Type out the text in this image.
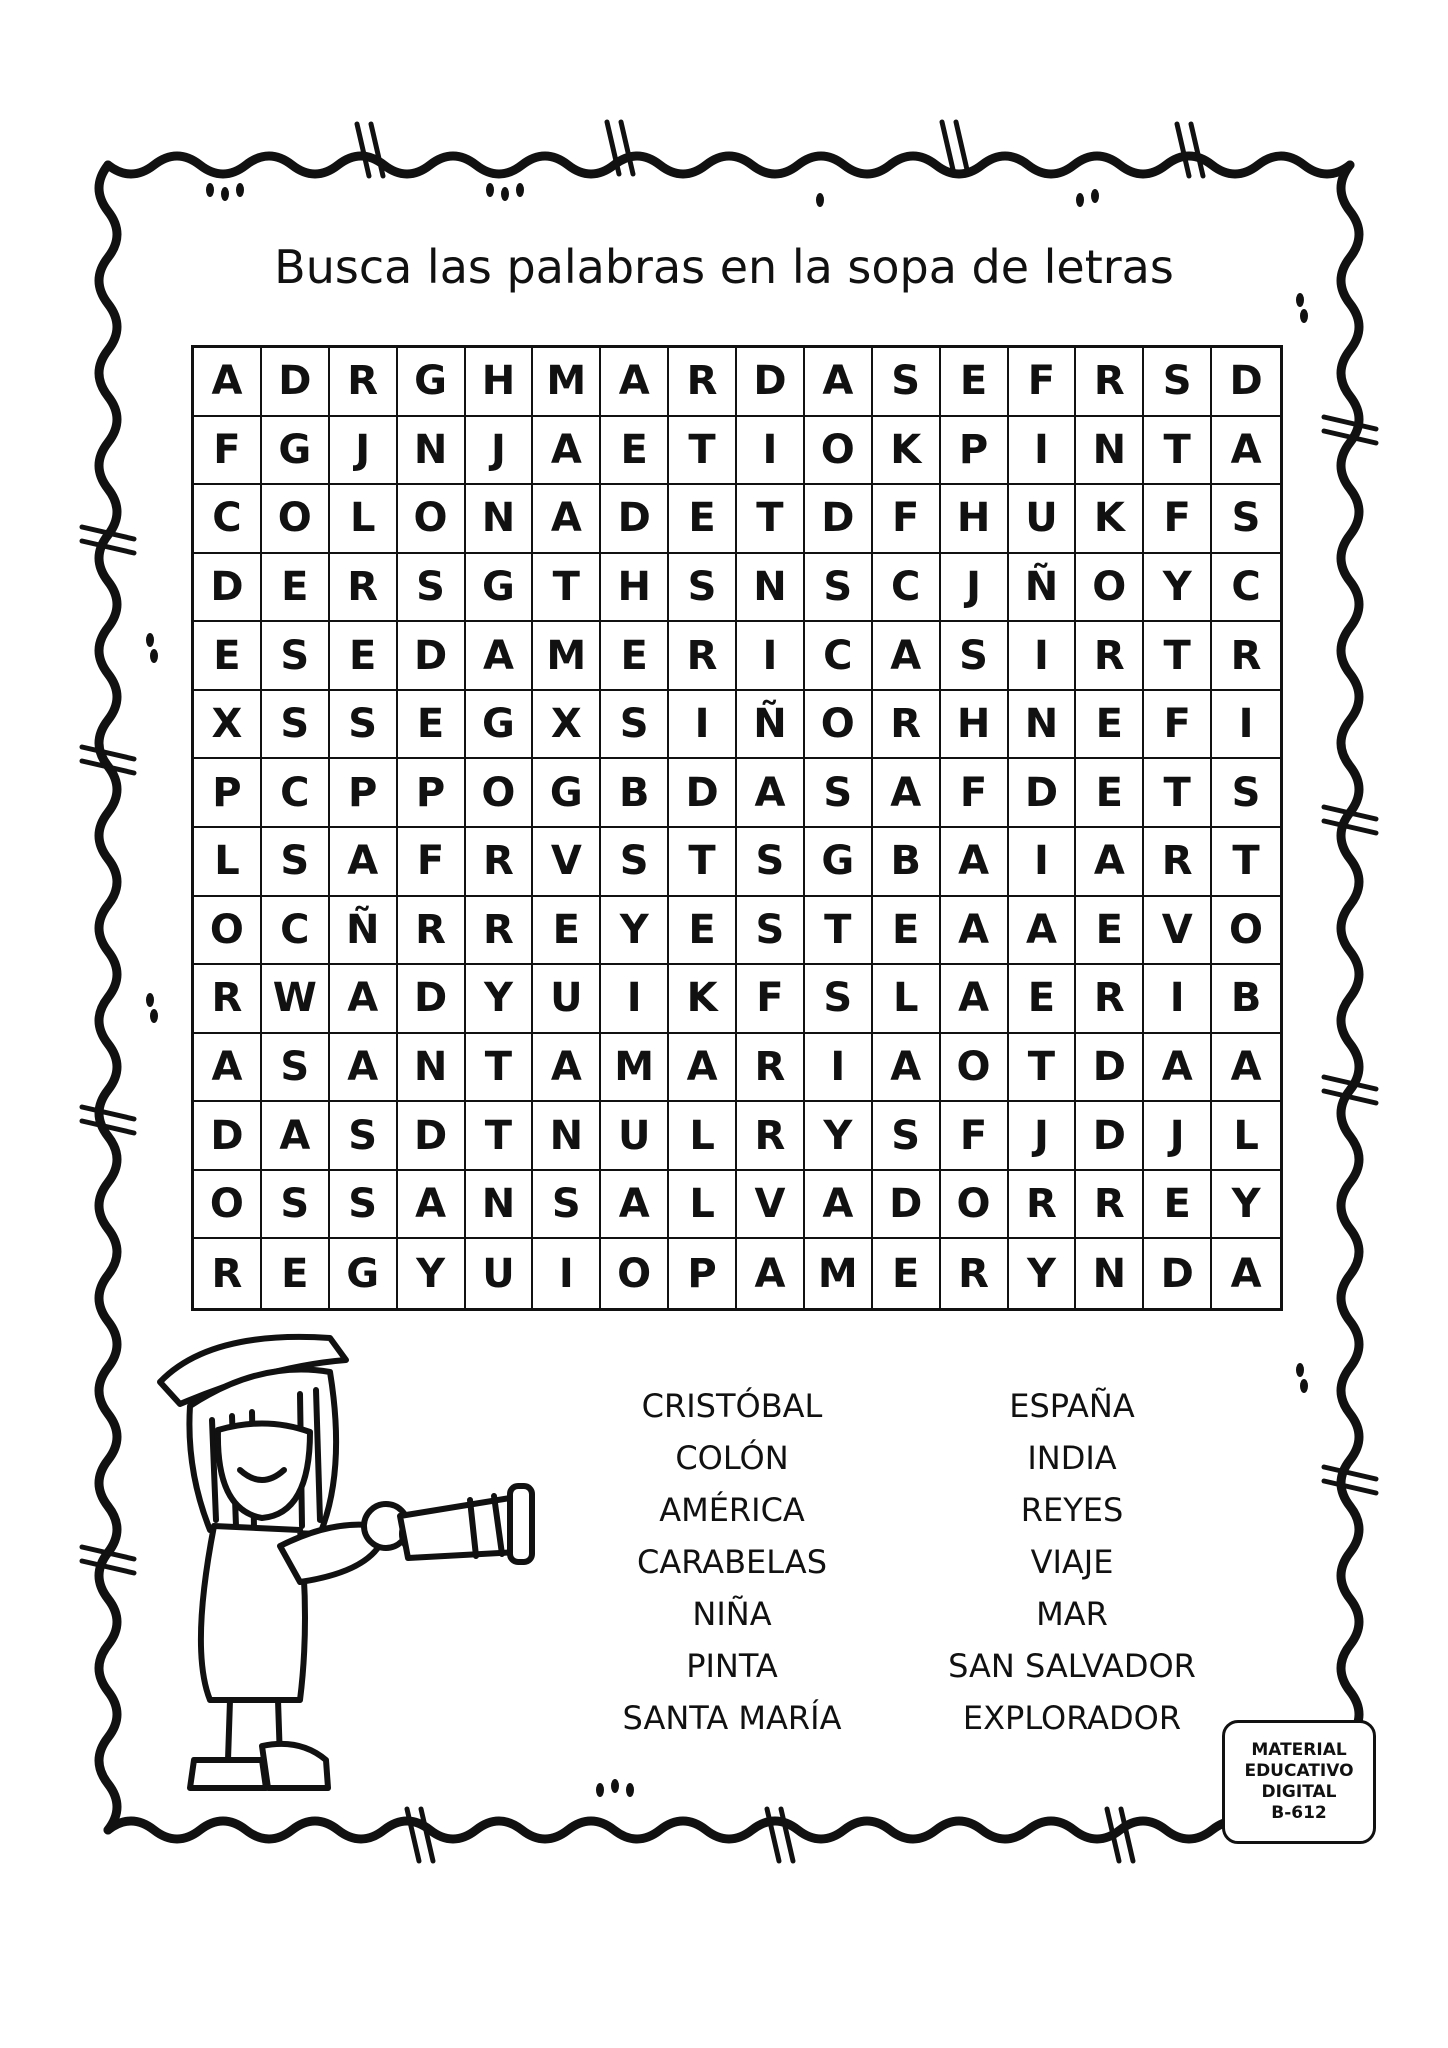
Busca las palabras en la sopa de letras
A D R G H M A R D A S E	F R S D
F G	J	N	J	A E	T	I	O K P	I	N T A
C O L O N A D E	T D F H U K F	S
D E R S G T H S N S C	J	Ñ O Y C
E S E D A M E R	I	C A S	I	R T R
X S S E G X S	I	Ñ O R H N E	F	I
P C P P O G B D A S A F D E	T	S
L	S A F R V S T S G B A	I	A R T
O C Ñ R R E Y E S T	E A A E V O
R W A D Y U	I	K F S	L A E R	I	B
A S A N T A M A R	I	A O T D A A
D A S D T N U L R Y S F	J	D	J	L
O S S A N S A L V A D O R R E	Y
R E G Y U	I	O P A M E R Y N D A
CRISTÓBAL
COLÓN
AMÉRICA
CARABELAS
NIÑA
PINTA
SANTA MARÍA
ESPAÑA
INDIA
REYES
VIAJE
MAR
SAN SALVADOR
EXPLORADOR
MATERIAL
EDUCATIVO
DIGITAL
B-612
